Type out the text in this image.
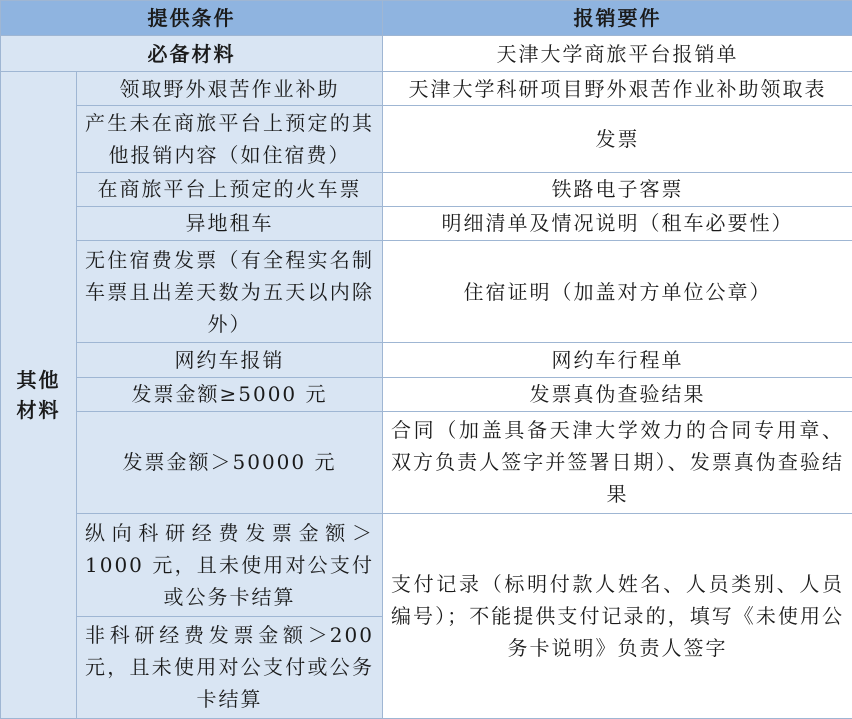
提供条件		报销要件
必备材料		天津大学商旅平台报销单
其他材料	领取野外艰苦作业补助	天津大学科研项目野外艰苦作业补助领取表
	产生未在商旅平台上预定的其他报销内容（如住宿费）	发票
	在商旅平台上预定的火车票	铁路电子客票
	异地租车	明细清单及情况说明（租车必要性）
	无住宿费发票（有全程实名制车票且出差天数为五天以内除外）	住宿证明（加盖对方单位公章）
	网约车报销	网约车行程单
	发票金额≥5000 元	发票真伪查验结果
	发票金额＞50000 元	合同（加盖具备天津大学效力的合同专用章、双方负责人签字并签署日期）、发票真伪查验结果
	纵向科研经费发票金额＞1000 元，且未使用对公支付或公务卡结算	支付记录（标明付款人姓名、人员类别、人员编号）；不能提供支付记录的，填写《未使用公务卡说明》负责人签字
	非科研经费发票金额＞200 元，且未使用对公支付或公务卡结算	
